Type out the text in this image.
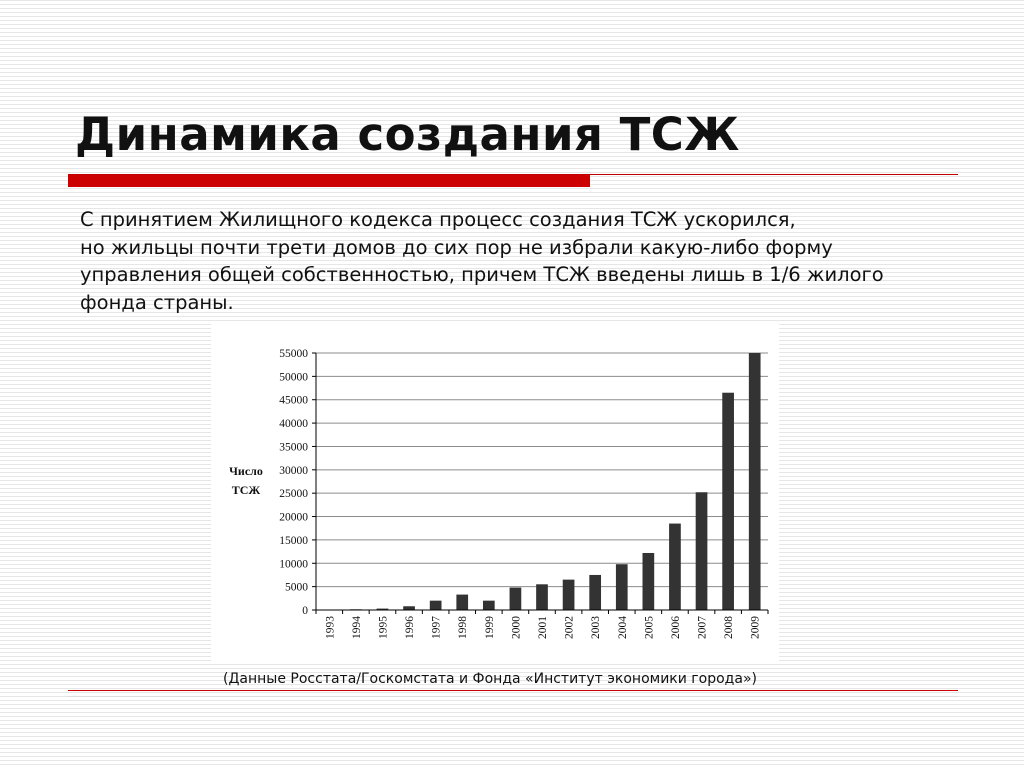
Динамика создания ТСЖ
С принятием Жилищного кодекса процесс создания ТСЖ ускорился,
но жильцы почти трети домов до сих пор не избрали какую-либо форму
управления общей собственностью, причем ТСЖ введены лишь в 1/6 жилого
фонда страны.
0
5000
10000
15000
20000
25000
30000
35000
40000
45000
50000
55000
1993 1994 1995 1996 1997 1998 1999 2000 2001 2002 2003 2004 2005 2006 2007 2008 2009
Число
ТСЖ
(Данные Росстата/Госкомстата и Фонда «Институт экономики города»)
